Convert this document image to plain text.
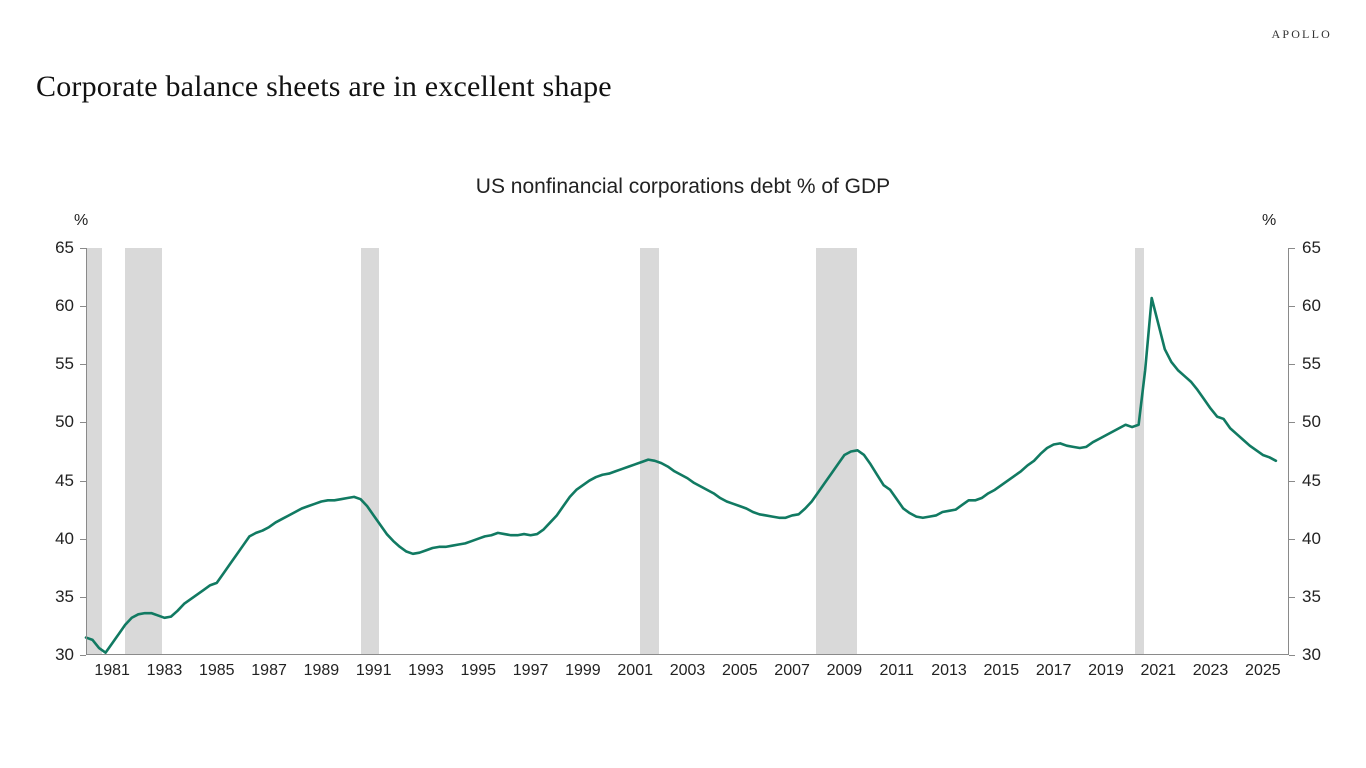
APOLLO
Corporate balance sheets are in excellent shape
US nonfinancial corporations debt % of GDP
%	%
30
35
40
45
50
55
60
65
30
35
40
45
50
55
60
65
1981 1983 1985 1987 1989 1991 1993 1995 1997 1999 2001 2003 2005 2007 2009 2011 2013 2015 2017 2019 2021 2023 2025
